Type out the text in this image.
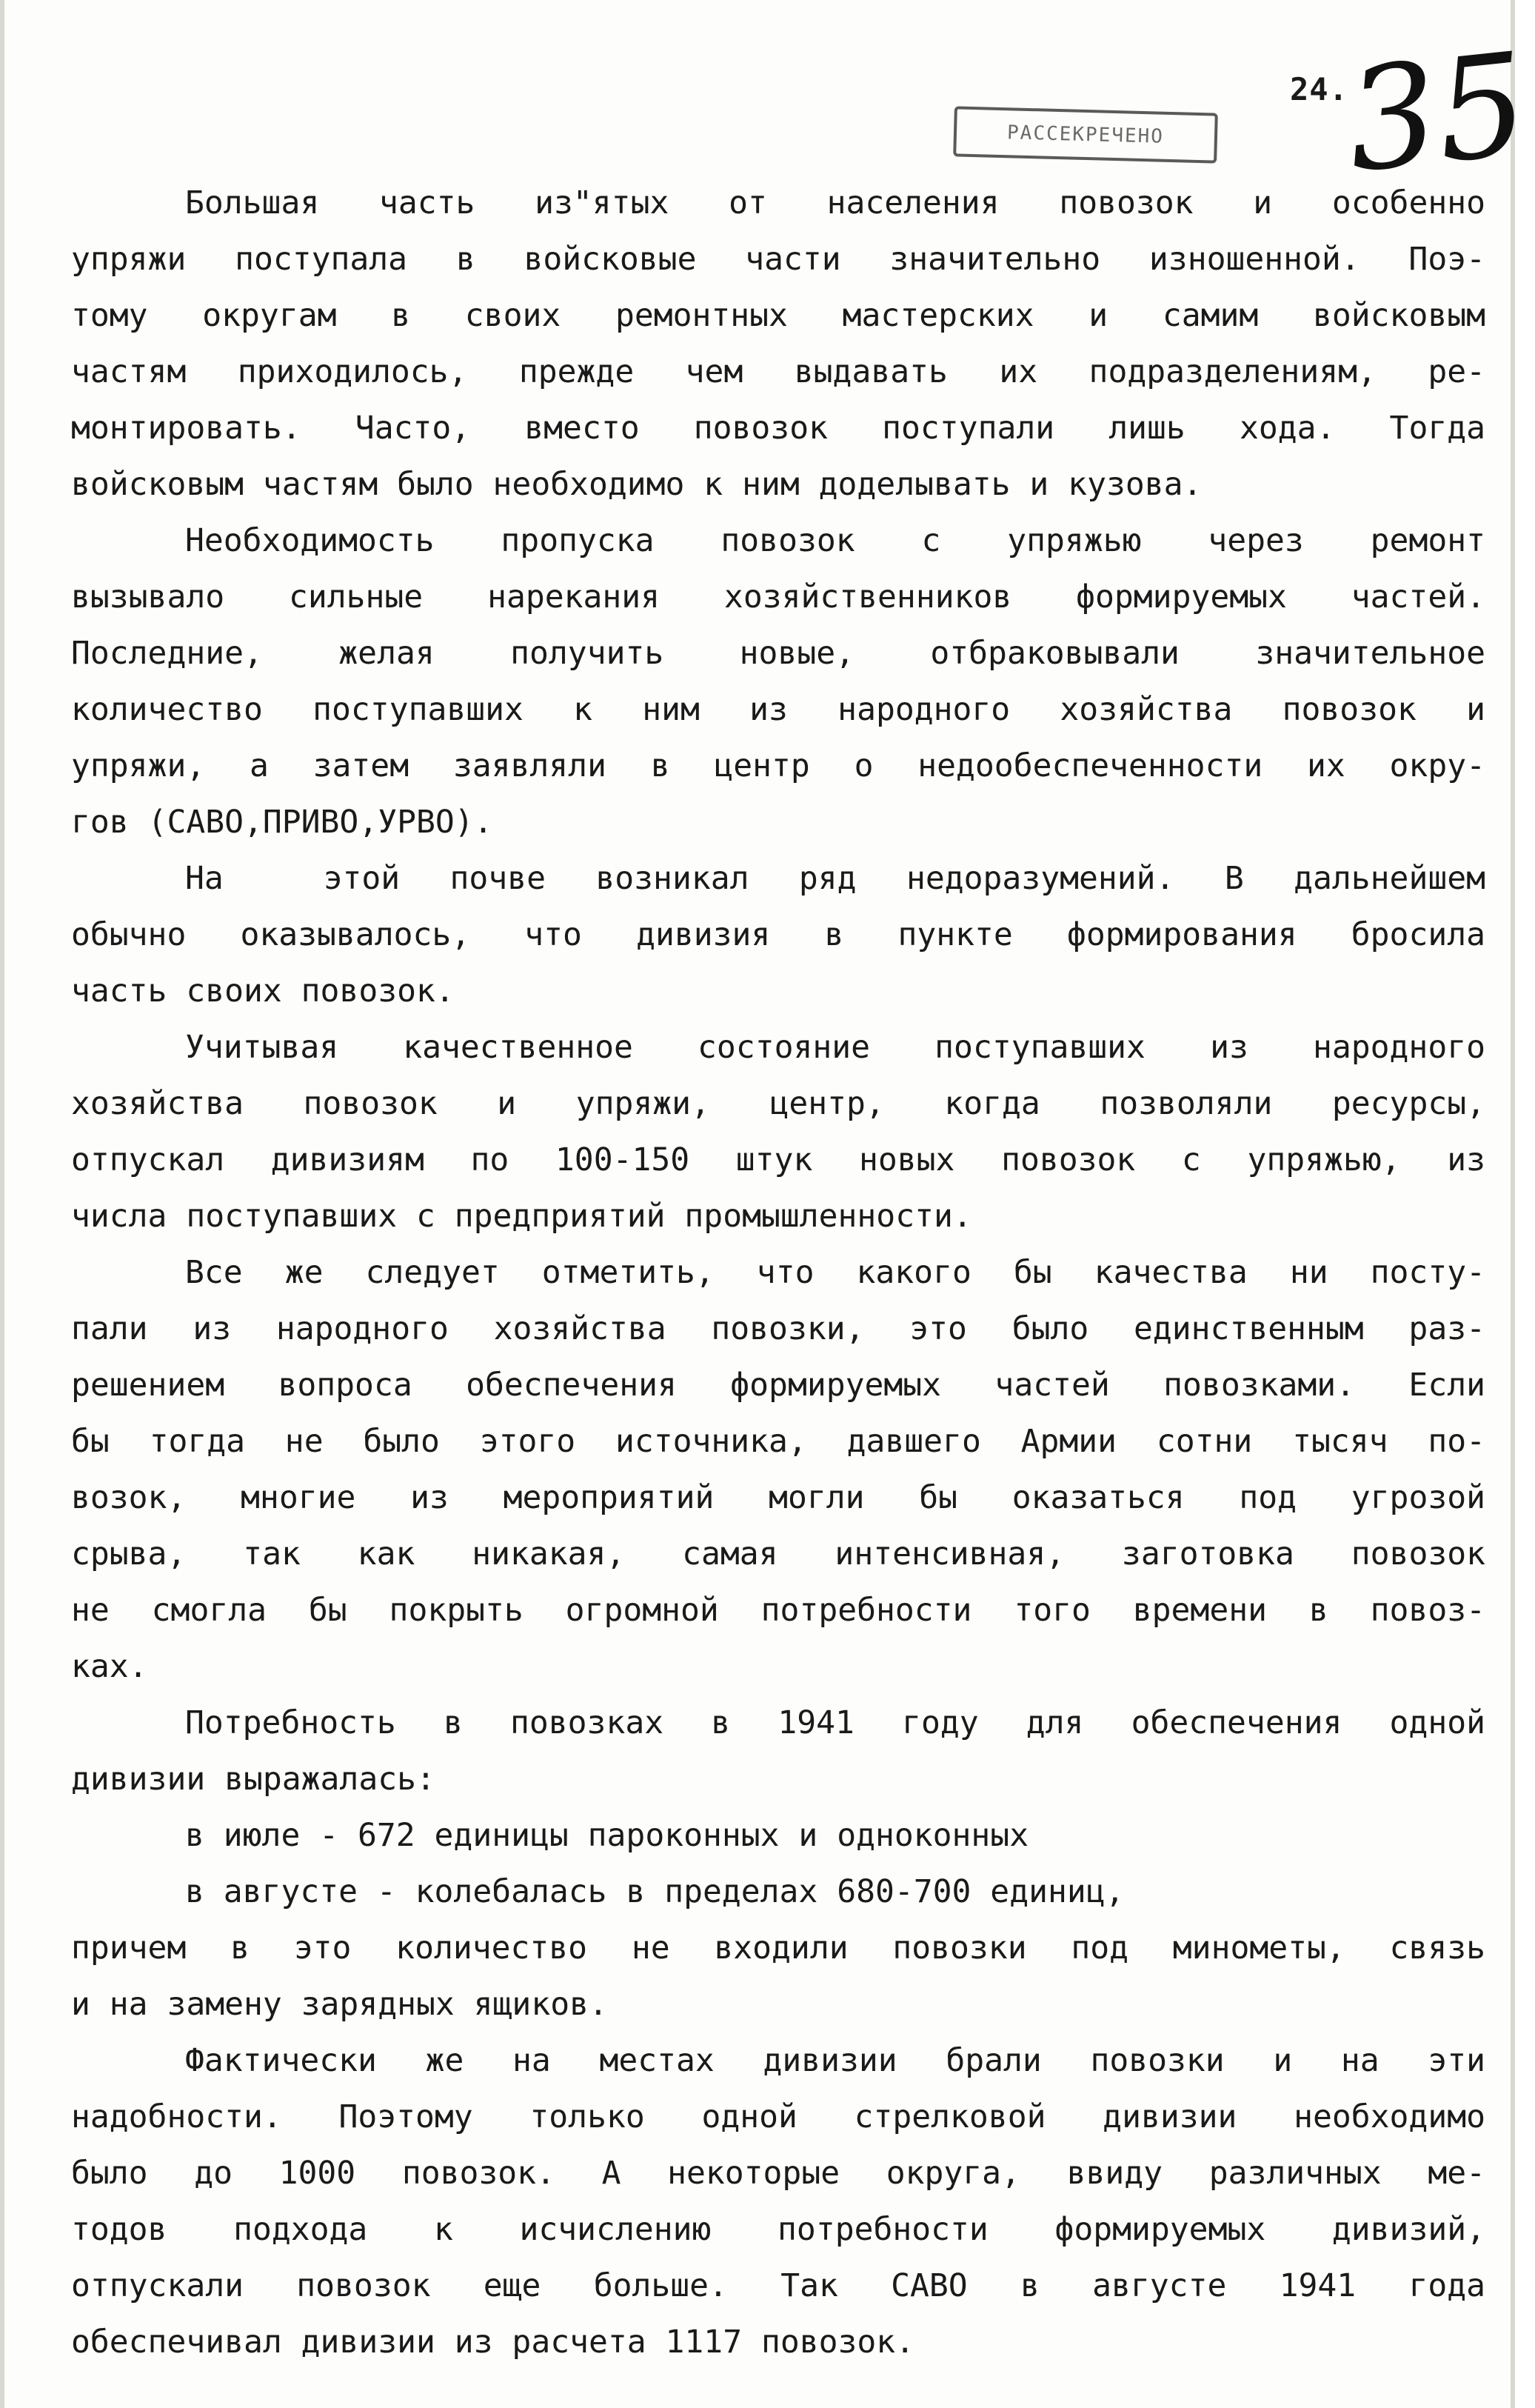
РАССЕКРЕЧЕНО
24.
35
Большая часть из"ятых от населения повозок и особенно
упряжи поступала в войсковые части значительно изношенной. Поэ-
тому округам в своих ремонтных мастерских и самим войсковым
частям приходилось, прежде чем выдавать их подразделениям, ре-
монтировать. Часто, вместо повозок поступали лишь хода. Тогда
войсковым частям было необходимо к ним доделывать и кузова.
Необходимость пропуска повозок с упряжью через ремонт
вызывало сильные нарекания хозяйственников формируемых частей.
Последние, желая получить новые, отбраковывали значительное
количество поступавших к ним из народного хозяйства повозок и
упряжи, а затем заявляли в центр о недообеспеченности их окру-
гов (САВО,ПРИВО,УРВО).
На  этой почве возникал ряд недоразумений. В дальнейшем
обычно оказывалось, что дивизия в пункте формирования бросила
часть своих повозок.
Учитывая качественное состояние поступавших из народного
хозяйства повозок и упряжи, центр, когда позволяли ресурсы,
отпускал дивизиям по 100-150 штук новых повозок с упряжью, из
числа поступавших с предприятий промышленности.
Все же следует отметить, что какого бы качества ни посту-
пали из народного хозяйства повозки, это было единственным раз-
решением вопроса обеспечения формируемых частей повозками. Если
бы тогда не было этого источника, давшего Армии сотни тысяч по-
возок, многие из мероприятий могли бы оказаться под угрозой
срыва, так как никакая, самая интенсивная, заготовка повозок
не смогла бы покрыть огромной потребности того времени в повоз-
ках.
Потребность в повозках в 1941 году для обеспечения одной
дивизии выражалась:
в июле - 672 единицы пароконных и одноконных
в августе - колебалась в пределах 680-700 единиц,
причем в это количество не входили повозки под минометы, связь
и на замену зарядных ящиков.
Фактически же на местах дивизии брали повозки и на эти
надобности. Поэтому только одной стрелковой дивизии необходимо
было до 1000 повозок. А некоторые округа, ввиду различных ме-
тодов подхода к исчислению потребности формируемых дивизий,
отпускали повозок еще больше. Так САВО в августе 1941 года
обеспечивал дивизии из расчета 1117 повозок.
